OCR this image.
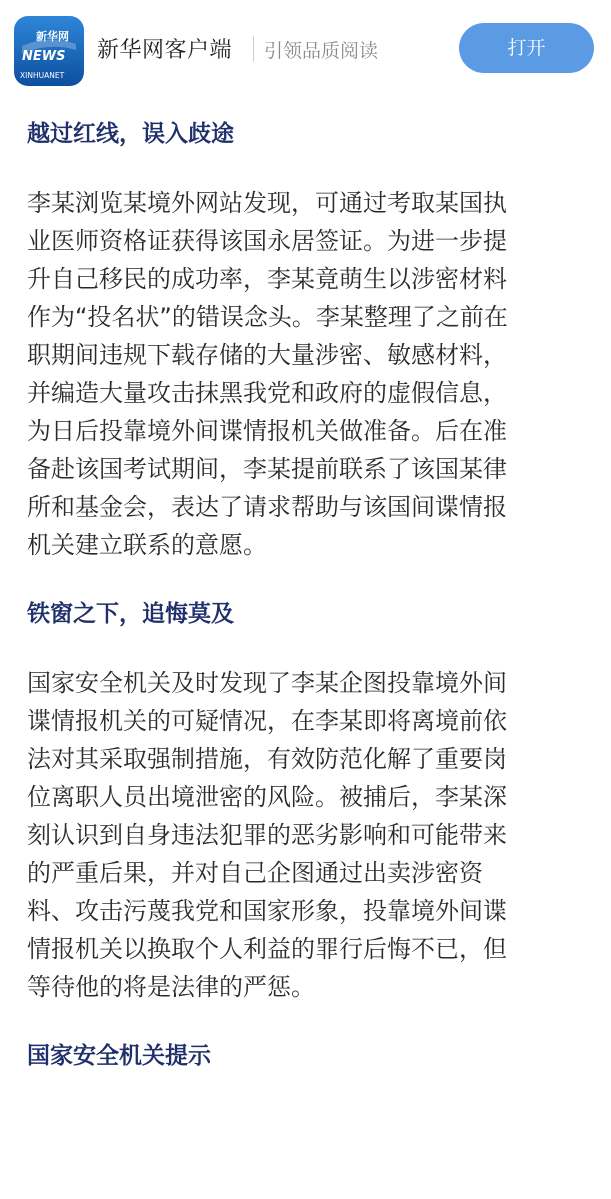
新华网
NEWS
XINHUANET
新华网客户端 引领品质阅读	打开
越过红线，误入歧途

李某浏览某境外网站发现，可通过考取某国执
业医师资格证获得该国永居签证。为进一步提
升自己移民的成功率，李某竟萌生以涉密材料
作为“投名状”的错误念头。李某整理了之前在
职期间违规下载存储的大量涉密、敏感材料，
并编造大量攻击抹黑我党和政府的虚假信息，
为日后投靠境外间谍情报机关做准备。后在准
备赴该国考试期间，李某提前联系了该国某律
所和基金会，表达了请求帮助与该国间谍情报
机关建立联系的意愿。

铁窗之下，追悔莫及

国家安全机关及时发现了李某企图投靠境外间
谍情报机关的可疑情况，在李某即将离境前依
法对其采取强制措施，有效防范化解了重要岗
位离职人员出境泄密的风险。被捕后，李某深
刻认识到自身违法犯罪的恶劣影响和可能带来
的严重后果，并对自己企图通过出卖涉密资
料、攻击污蔑我党和国家形象，投靠境外间谍
情报机关以换取个人利益的罪行后悔不已，但
等待他的将是法律的严惩。

国家安全机关提示
